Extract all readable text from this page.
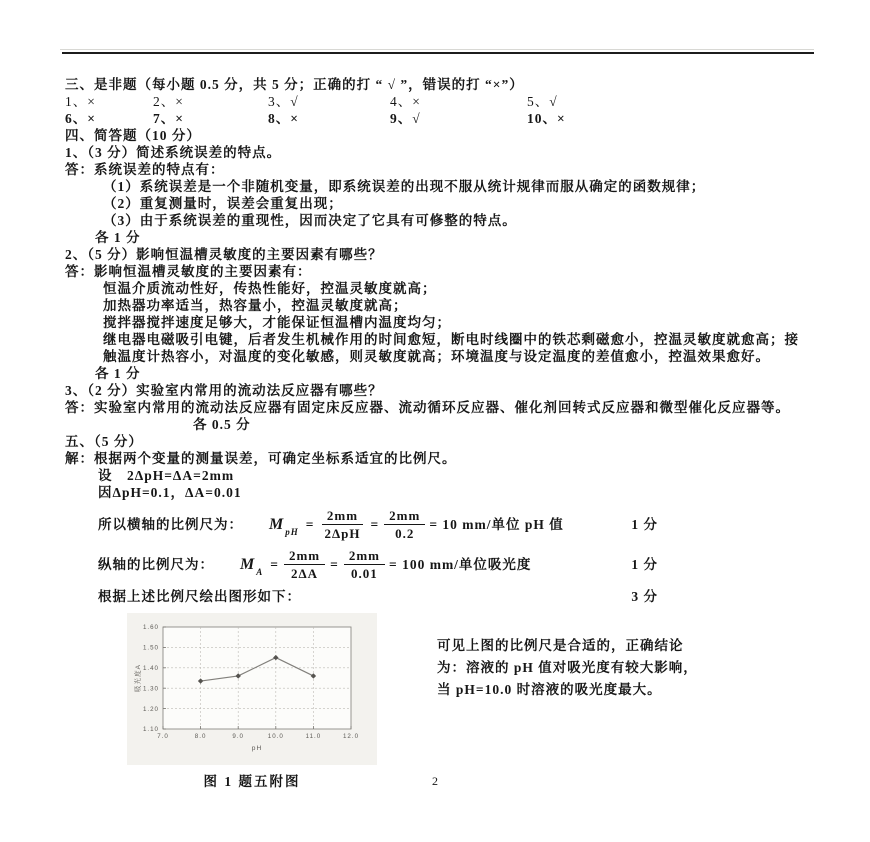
三、是非题（每小题 0.5 分，共 5 分；正确的打 “ √ ”，错误的打 “×”）
1、×	2、×	3、√	4、×	5、√
6、×	7、×	8、×	9、√	10、×
四、简答题（10 分）
1、（3 分）简述系统误差的特点。
答：系统误差的特点有：
（1）系统误差是一个非随机变量，即系统误差的出现不服从统计规律而服从确定的函数规律；
（2）重复测量时，误差会重复出现；
（3）由于系统误差的重现性，因而决定了它具有可修整的特点。
各 1 分
2、（5 分）影响恒温槽灵敏度的主要因素有哪些？
答：影响恒温槽灵敏度的主要因素有：
恒温介质流动性好，传热性能好，控温灵敏度就高；
加热器功率适当，热容量小，控温灵敏度就高；
搅拌器搅拌速度足够大，才能保证恒温槽内温度均匀；
继电器电磁吸引电键，后者发生机械作用的时间愈短，断电时线圈中的铁芯剩磁愈小，控温灵敏度就愈高；接触温度计热容小，对温度的变化敏感，则灵敏度就高；环境温度与设定温度的差值愈小，控温效果愈好。
各 1 分
3、（2 分）实验室内常用的流动法反应器有哪些？
答：实验室内常用的流动法反应器有固定床反应器、流动循环反应器、催化剂回转式反应器和微型催化反应器等。
各 0.5 分
五、（5 分）
解：根据两个变量的测量误差，可确定坐标系适宜的比例尺。
设　2ΔpH=ΔA=2mm
因ΔpH=0.1，ΔA=0.01
所以横轴的比例尺为： M pH = $\frac{2mm}{\text{2ΔpH}} = \frac{2mm}{0.2} = 10$ mm/单位 pH 值	1 分
纵轴的比例尺为： M $A = \frac{2mm}{2\Delta A} = \frac{2mm}{0.01} = 100$ mm/单位吸光度	1 分
根据上述比例尺绘出图形如下：	3 分
7.0	8.0	9.0	10.0	11.0	12.0
1.10
1.20
1.30
1.40
1.50
1.60
pH
吸光度A
图 1 题五附图
可见上图的比例尺是合适的，正确结论
为：溶液的 pH 值对吸光度有较大影响，
当 pH=10.0 时溶液的吸光度最大。
2
